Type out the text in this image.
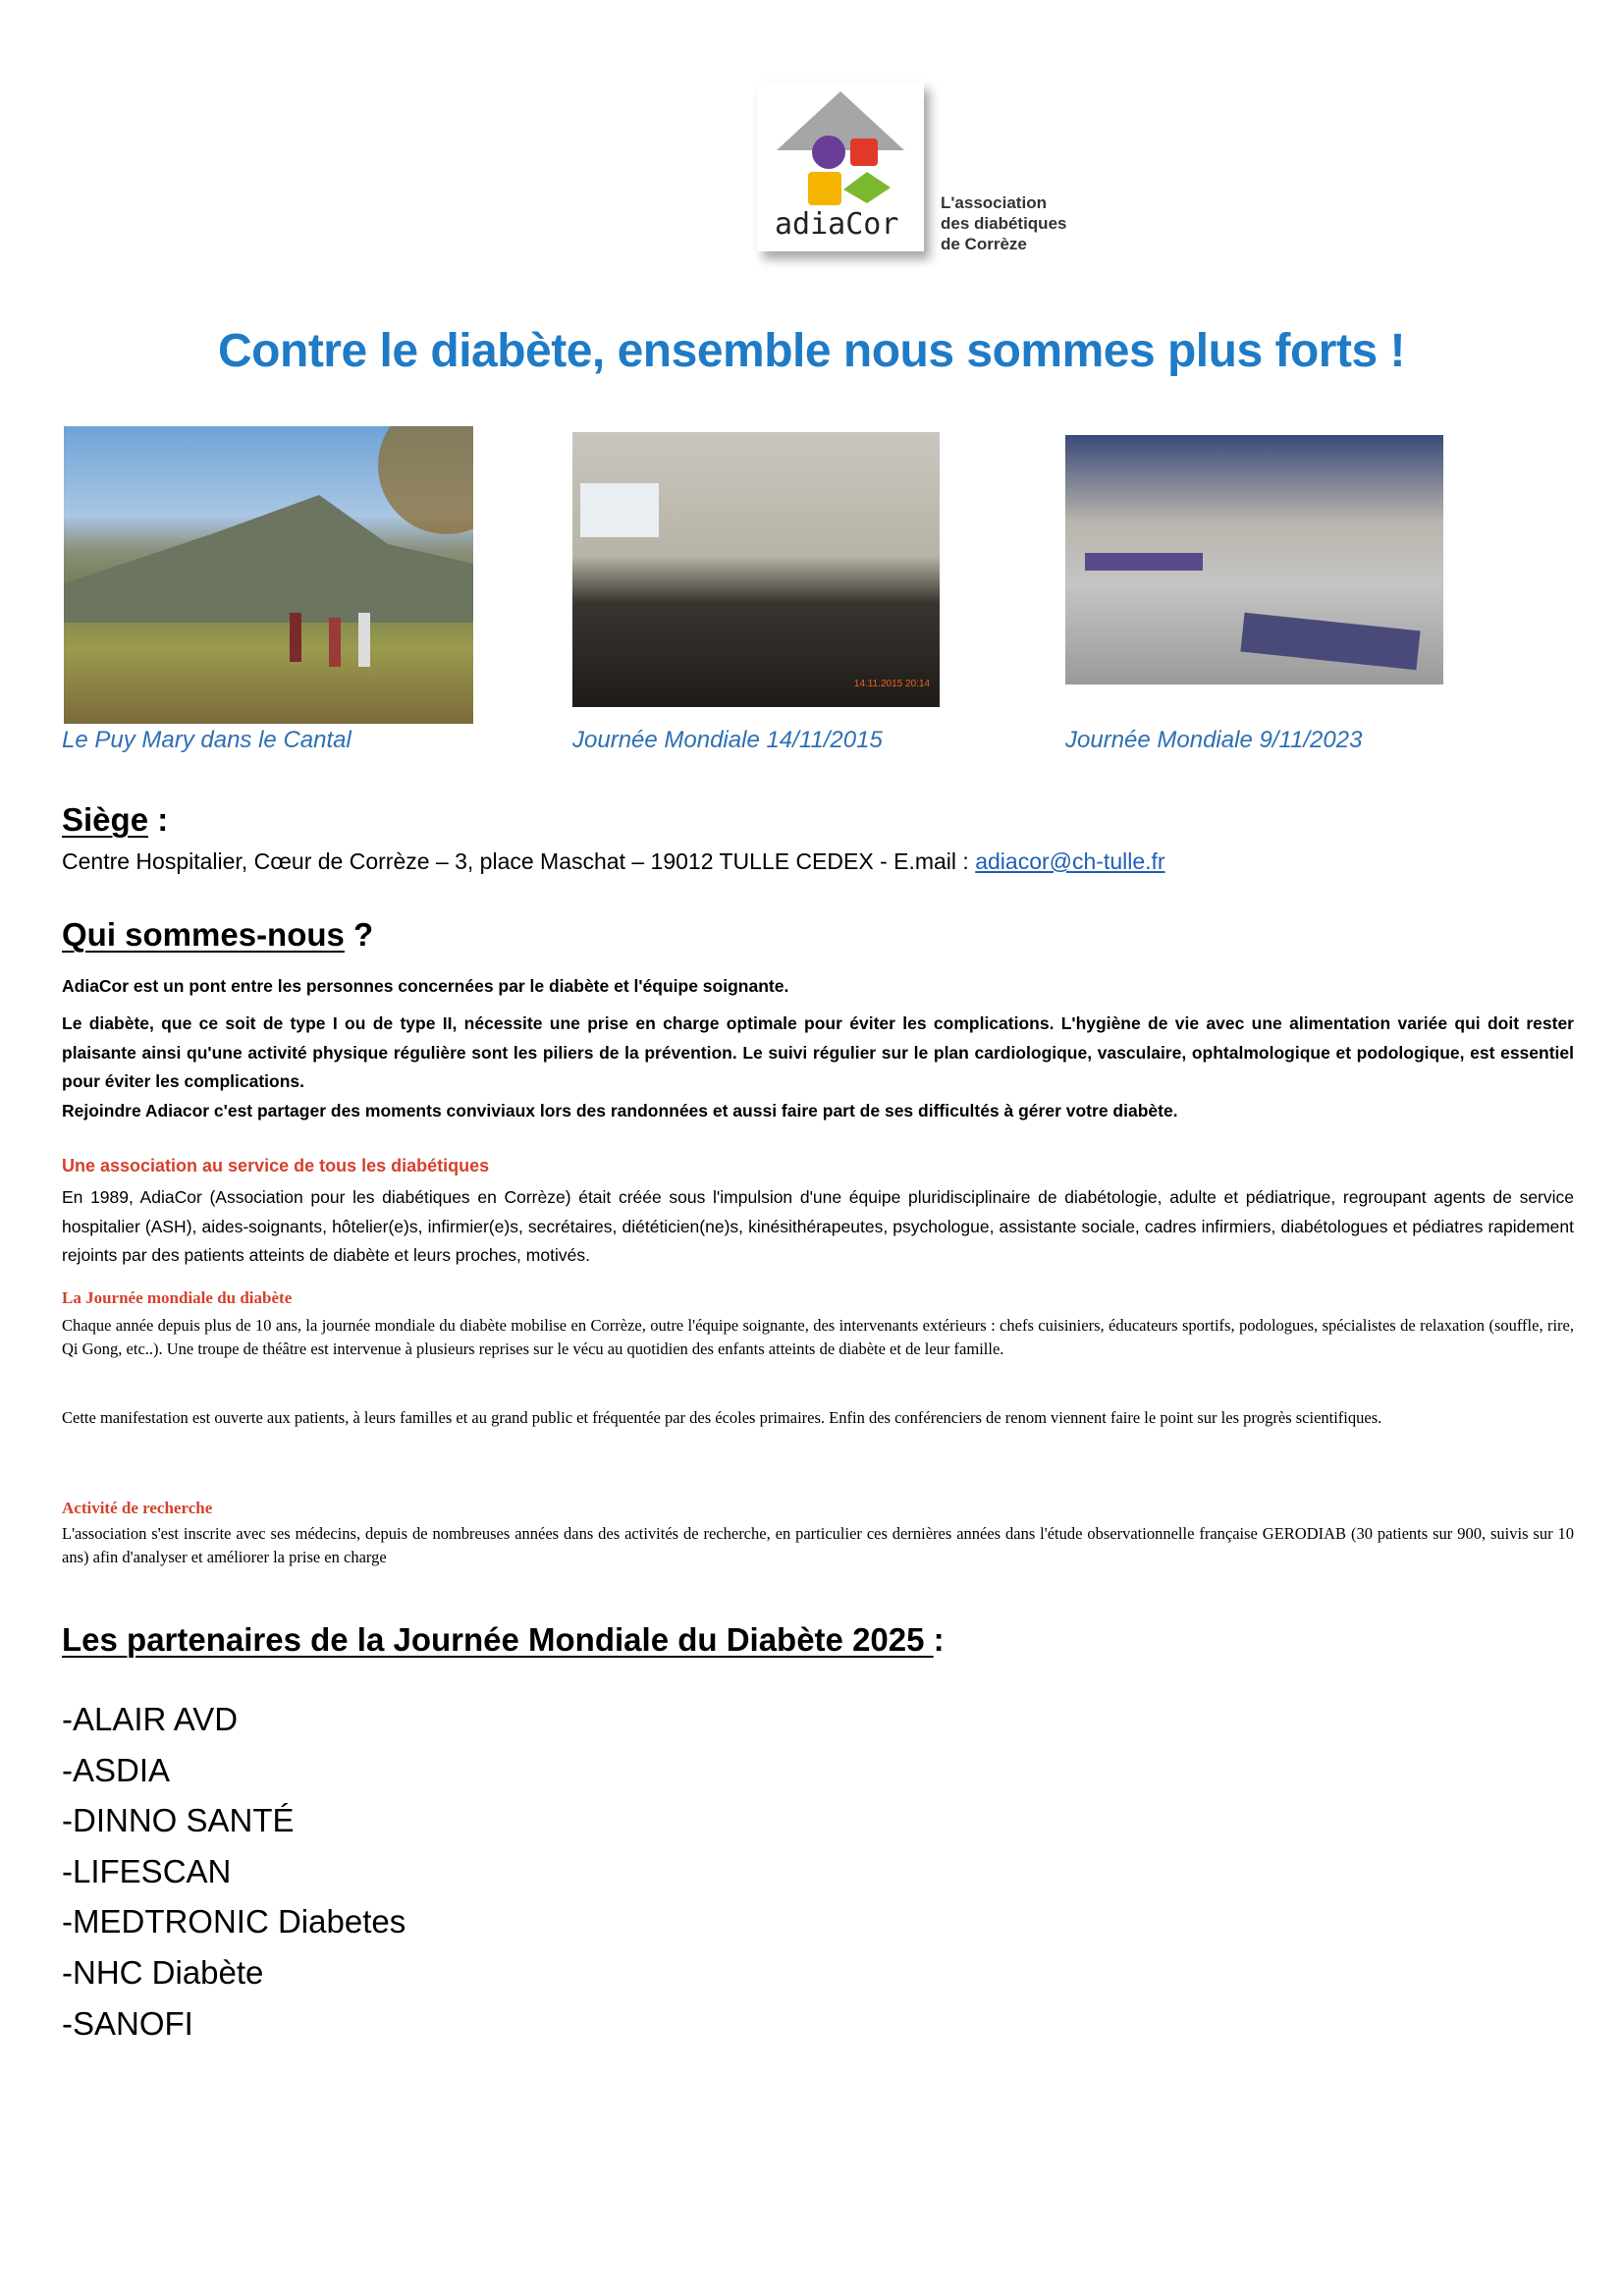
adiaCor
L'association
des diabétiques
de Corrèze
Contre le diabète, ensemble nous sommes plus forts !
14.11.2015 20:14
Le Puy Mary dans le Cantal	Journée Mondiale 14/11/2015	Journée Mondiale 9/11/2023
Siège :
Centre Hospitalier, Cœur de Corrèze – 3, place Maschat – 19012 TULLE CEDEX - E.mail : adiacor@ch-tulle.fr
Qui sommes-nous ?
AdiaCor est un pont entre les personnes concernées par le diabète et l'équipe soignante.
Le diabète, que ce soit de type I ou de type II, nécessite une prise en charge optimale pour éviter les complications. L'hygiène de vie avec une alimentation variée qui doit rester plaisante ainsi qu'une activité physique régulière sont les piliers de la prévention. Le suivi régulier sur le plan cardiologique, vasculaire, ophtalmologique et podologique, est essentiel pour éviter les complications.
Rejoindre Adiacor c'est partager des moments conviviaux lors des randonnées et aussi faire part de ses difficultés à gérer votre diabète.
Une association au service de tous les diabétiques
En 1989, AdiaCor (Association pour les diabétiques en Corrèze) était créée sous l'impulsion d'une équipe pluridisciplinaire de diabétologie, adulte et pédiatrique, regroupant agents de service hospitalier (ASH), aides-soignants, hôtelier(e)s, infirmier(e)s, secrétaires, diététicien(ne)s, kinésithérapeutes, psychologue, assistante sociale, cadres infirmiers, diabétologues et pédiatres rapidement rejoints par des patients atteints de diabète et leurs proches, motivés.
La Journée mondiale du diabète
Chaque année depuis plus de 10 ans, la journée mondiale du diabète mobilise en Corrèze, outre l'équipe soignante, des intervenants extérieurs : chefs cuisiniers, éducateurs sportifs, podologues, spécialistes de relaxation (souffle, rire, Qi Gong, etc..). Une troupe de théâtre est intervenue à plusieurs reprises sur le vécu au quotidien des enfants atteints de diabète et de leur famille.
Cette manifestation est ouverte aux patients, à leurs familles et au grand public et fréquentée par des écoles primaires. Enfin des conférenciers de renom viennent faire le point sur les progrès scientifiques.
Activité de recherche
L'association s'est inscrite avec ses médecins, depuis de nombreuses années dans des activités de recherche, en particulier ces dernières années dans l'étude observationnelle française GERODIAB (30 patients sur 900, suivis sur 10 ans) afin d'analyser et améliorer la prise en charge
Les partenaires de la Journée Mondiale du Diabète 2025 :
-ALAIR AVD
-ASDIA
-DINNO SANTÉ
-LIFESCAN
-MEDTRONIC Diabetes
-NHC Diabète
-SANOFI
